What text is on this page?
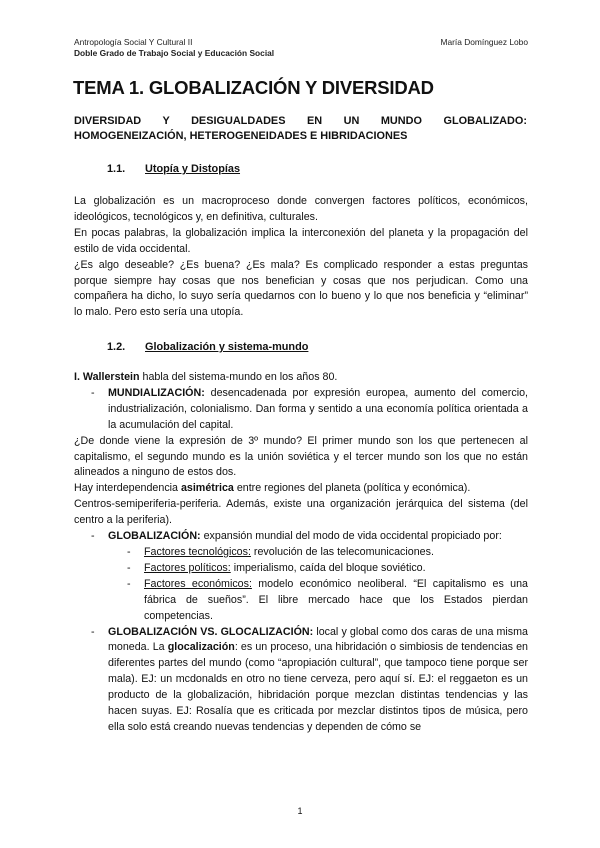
Antropología Social Y Cultural II
Doble Grado de Trabajo Social y Educación Social
María Domínguez Lobo
TEMA 1. GLOBALIZACIÓN Y DIVERSIDAD
DIVERSIDAD Y DESIGUALDADES EN UN MUNDO GLOBALIZADO: HOMOGENEIZACIÓN, HETEROGENEIDADES E HIBRIDACIONES
1.1. Utopía y Distopías

La globalización es un macroproceso donde convergen factores políticos, económicos, ideológicos, tecnológicos y, en definitiva, culturales.

En pocas palabras, la globalización implica la interconexión del planeta y la propagación del estilo de vida occidental.

¿Es algo deseable? ¿Es buena? ¿Es mala? Es complicado responder a estas preguntas porque siempre hay cosas que nos benefician y cosas que nos perjudican. Como una compañera ha dicho, lo suyo sería quedarnos con lo bueno y lo que nos beneficia y “eliminar” lo malo. Pero esto sería una utopía.

1.2. Globalización y sistema-mundo

I. Wallerstein habla del sistema-mundo en los años 80.

- MUNDIALIZACIÓN: desencadenada por expresión europea, aumento del comercio, industrialización, colonialismo. Dan forma y sentido a una economía política orientada a la acumulación del capital.

¿De donde viene la expresión de 3º mundo? El primer mundo son los que pertenecen al capitalismo, el segundo mundo es la unión soviética y el tercer mundo son los que no están alineados a ninguno de estos dos.

Hay interdependencia asimétrica entre regiones del planeta (política y económica).

Centros-semiperiferia-periferia. Además, existe una organización jerárquica del sistema (del centro a la periferia).

- GLOBALIZACIÓN: expansión mundial del modo de vida occidental propiciado por:

- Factores tecnológicos: revolución de las telecomunicaciones.

- Factores políticos: imperialismo, caída del bloque soviético.

- Factores económicos: modelo económico neoliberal. “El capitalismo es una fábrica de sueños”. El libre mercado hace que los Estados pierdan competencias.

- GLOBALIZACIÓN VS. GLOCALIZACIÓN: local y global como dos caras de una misma moneda. La glocalización: es un proceso, una hibridación o simbiosis de tendencias en diferentes partes del mundo (como “apropiación cultural”, que tampoco tiene porque ser mala). EJ: un mcdonalds en otro no tiene cerveza, pero aquí sí. EJ: el reggaeton es un producto de la globalización, hibridación porque mezclan distintas tendencias y las hacen suyas. EJ: Rosalía que es criticada por mezclar distintos tipos de música, pero ella solo está creando nuevas tendencias y dependen de cómo se

1
